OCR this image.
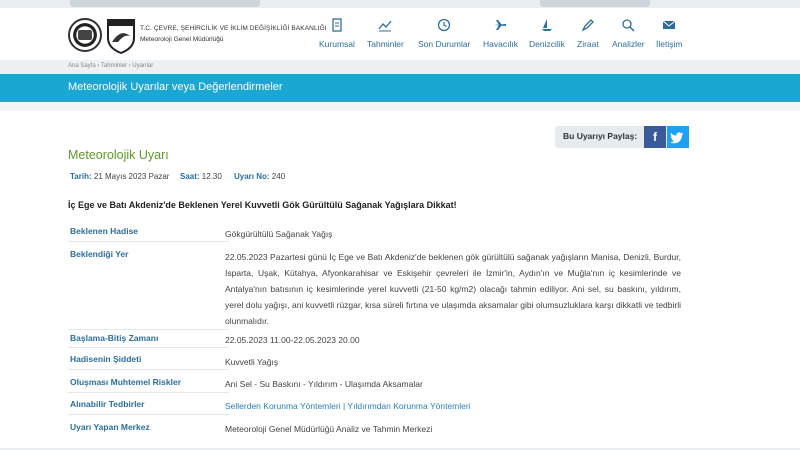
T.C. ÇEVRE, ŞEHİRCİLİK VE İKLİM DEĞİŞİKLİĞİ BAKANLIĞI
Meteoroloji Genel Müdürlüğü	Kurumsal Tahminler Son Durumlar Havacılık Denizcilik Ziraat Analizler İletişim
Ana Sayfa › Tahminler › Uyarılar
Meteorolojik Uyarılar veya Değerlendirmeler
Bu Uyarıyı Paylaş:	f
Meteorolojik Uyarı
Tarih: 21 Mayıs 2023 Pazar Saat: 12.30 Uyarı No: 240
İç Ege ve Batı Akdeniz'de Beklenen Yerel Kuvvetli Gök Gürültülü Sağanak Yağışlara Dikkat!
Beklenen Hadise	Gökgürültülü Sağanak Yağış
Beklendiği Yer	22.05.2023 Pazartesi günü İç Ege ve Batı Akdeniz'de beklenen gök gürültülü sağanak yağışların Manisa, Denizli, Burdur, Isparta, Uşak, Kütahya, Afyonkarahisar ve Eskişehir çevreleri ile İzmir'in, Aydın'ın ve Muğla'nın iç kesimlerinde ve Antalya'nın batısının iç kesimlerinde yerel kuvvetli (21-50 kg/m2) olacağı tahmin ediliyor. Ani sel, su baskını, yıldırım, yerel dolu yağışı, ani kuvvetli rüzgar, kısa süreli fırtına ve ulaşımda aksamalar gibi olumsuzluklara karşı dikkatli ve tedbirli olunmalıdır.
Başlama-Bitiş Zamanı	22.05.2023 11.00-22.05.2023 20.00
Hadisenin Şiddeti	Kuvvetli Yağış
Oluşması Muhtemel Riskler	Ani Sel - Su Baskını - Yıldırım - Ulaşımda Aksamalar
Alınabilir Tedbirler	Sellerden Korunma Yöntemleri | Yıldırımdan Korunma Yöntemleri
Uyarı Yapan Merkez	Meteoroloji Genel Müdürlüğü Analiz ve Tahmin Merkezi
